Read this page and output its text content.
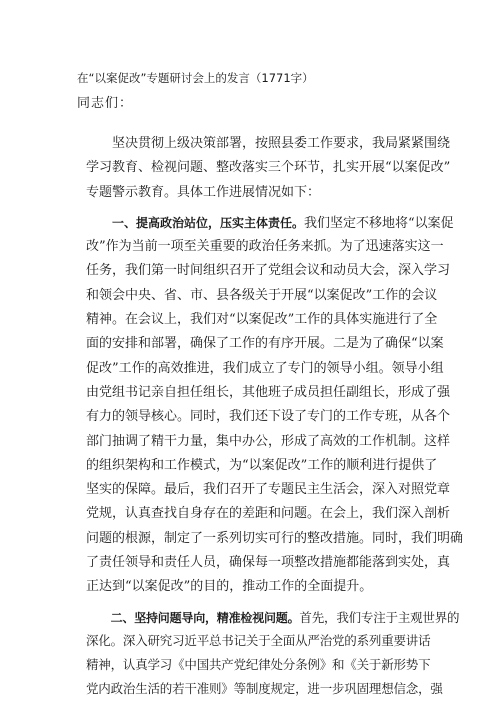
在“以案促改”专题研讨会上的发言（1771字）
同志们：
　　坚决贯彻上级决策部署，按照县委工作要求，我局紧紧围绕
学习教育、检视问题、整改落实三个环节，扎实开展“以案促改”
专题警示教育。具体工作进展情况如下：
　　一、提高政治站位，压实主体责任。我们坚定不移地将“以案促
改”作为当前一项至关重要的政治任务来抓。为了迅速落实这一
任务，我们第一时间组织召开了党组会议和动员大会，深入学习
和领会中央、省、市、县各级关于开展“以案促改”工作的会议
精神。在会议上，我们对“以案促改”工作的具体实施进行了全
面的安排和部署，确保了工作的有序开展。二是为了确保“以案
促改”工作的高效推进，我们成立了专门的领导小组。领导小组
由党组书记亲自担任组长，其他班子成员担任副组长，形成了强
有力的领导核心。同时，我们还下设了专门的工作专班，从各个
部门抽调了精干力量，集中办公，形成了高效的工作机制。这样
的组织架构和工作模式，为“以案促改”工作的顺利进行提供了
坚实的保障。最后，我们召开了专题民主生活会，深入对照党章
党规，认真查找自身存在的差距和问题。在会上，我们深入剖析
问题的根源，制定了一系列切实可行的整改措施。同时，我们明确
了责任领导和责任人员，确保每一项整改措施都能落到实处，真
正达到“以案促改”的目的，推动工作的全面提升。
　　二、坚持问题导向，精准检视问题。首先，我们专注于主观世界的
深化。深入研究习近平总书记关于全面从严治党的系列重要讲话
精神，认真学习《中国共产党纪律处分条例》和《关于新形势下
党内政治生活的若干准则》等制度规定，进一步巩固理想信念，强
